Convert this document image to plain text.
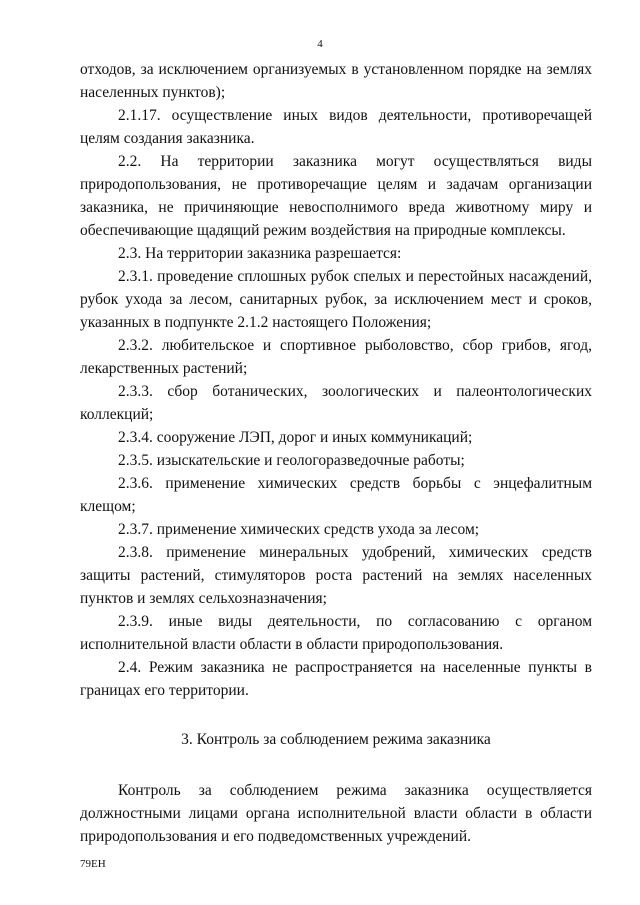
4

отходов, за исключением организуемых в установленном порядке на землях населенных пунктов);

2.1.17. осуществление иных видов деятельности, противоречащей целям создания заказника.

2.2. На территории заказника могут осуществляться виды природопользования, не противоречащие целям и задачам организации заказника, не причиняющие невосполнимого вреда животному миру и обеспечивающие щадящий режим воздействия на природные комплексы.

2.3. На территории заказника разрешается:

2.3.1. проведение сплошных рубок спелых и перестойных насаждений, рубок ухода за лесом, санитарных рубок, за исключением мест и сроков, указанных в подпункте 2.1.2 настоящего Положения;

2.3.2. любительское и спортивное рыболовство, сбор грибов, ягод, лекарственных растений;

2.3.3. сбор ботанических, зоологических и палеонтологических коллекций;

2.3.4. сооружение ЛЭП, дорог и иных коммуникаций;

2.3.5. изыскательские и геологоразведочные работы;

2.3.6. применение химических средств борьбы с энцефалитным клещом;

2.3.7. применение химических средств ухода за лесом;

2.3.8. применение минеральных удобрений, химических средств защиты растений, стимуляторов роста растений на землях населенных пунктов и землях сельхозназначения;

2.3.9. иные виды деятельности, по согласованию с органом исполнительной власти области в области природопользования.

2.4. Режим заказника не распространяется на населенные пункты в границах его территории.

3. Контроль за соблюдением режима заказника

Контроль за соблюдением режима заказника осуществляется должностными лицами органа исполнительной власти области в области природопользования и его подведомственных учреждений.

79ЕН
